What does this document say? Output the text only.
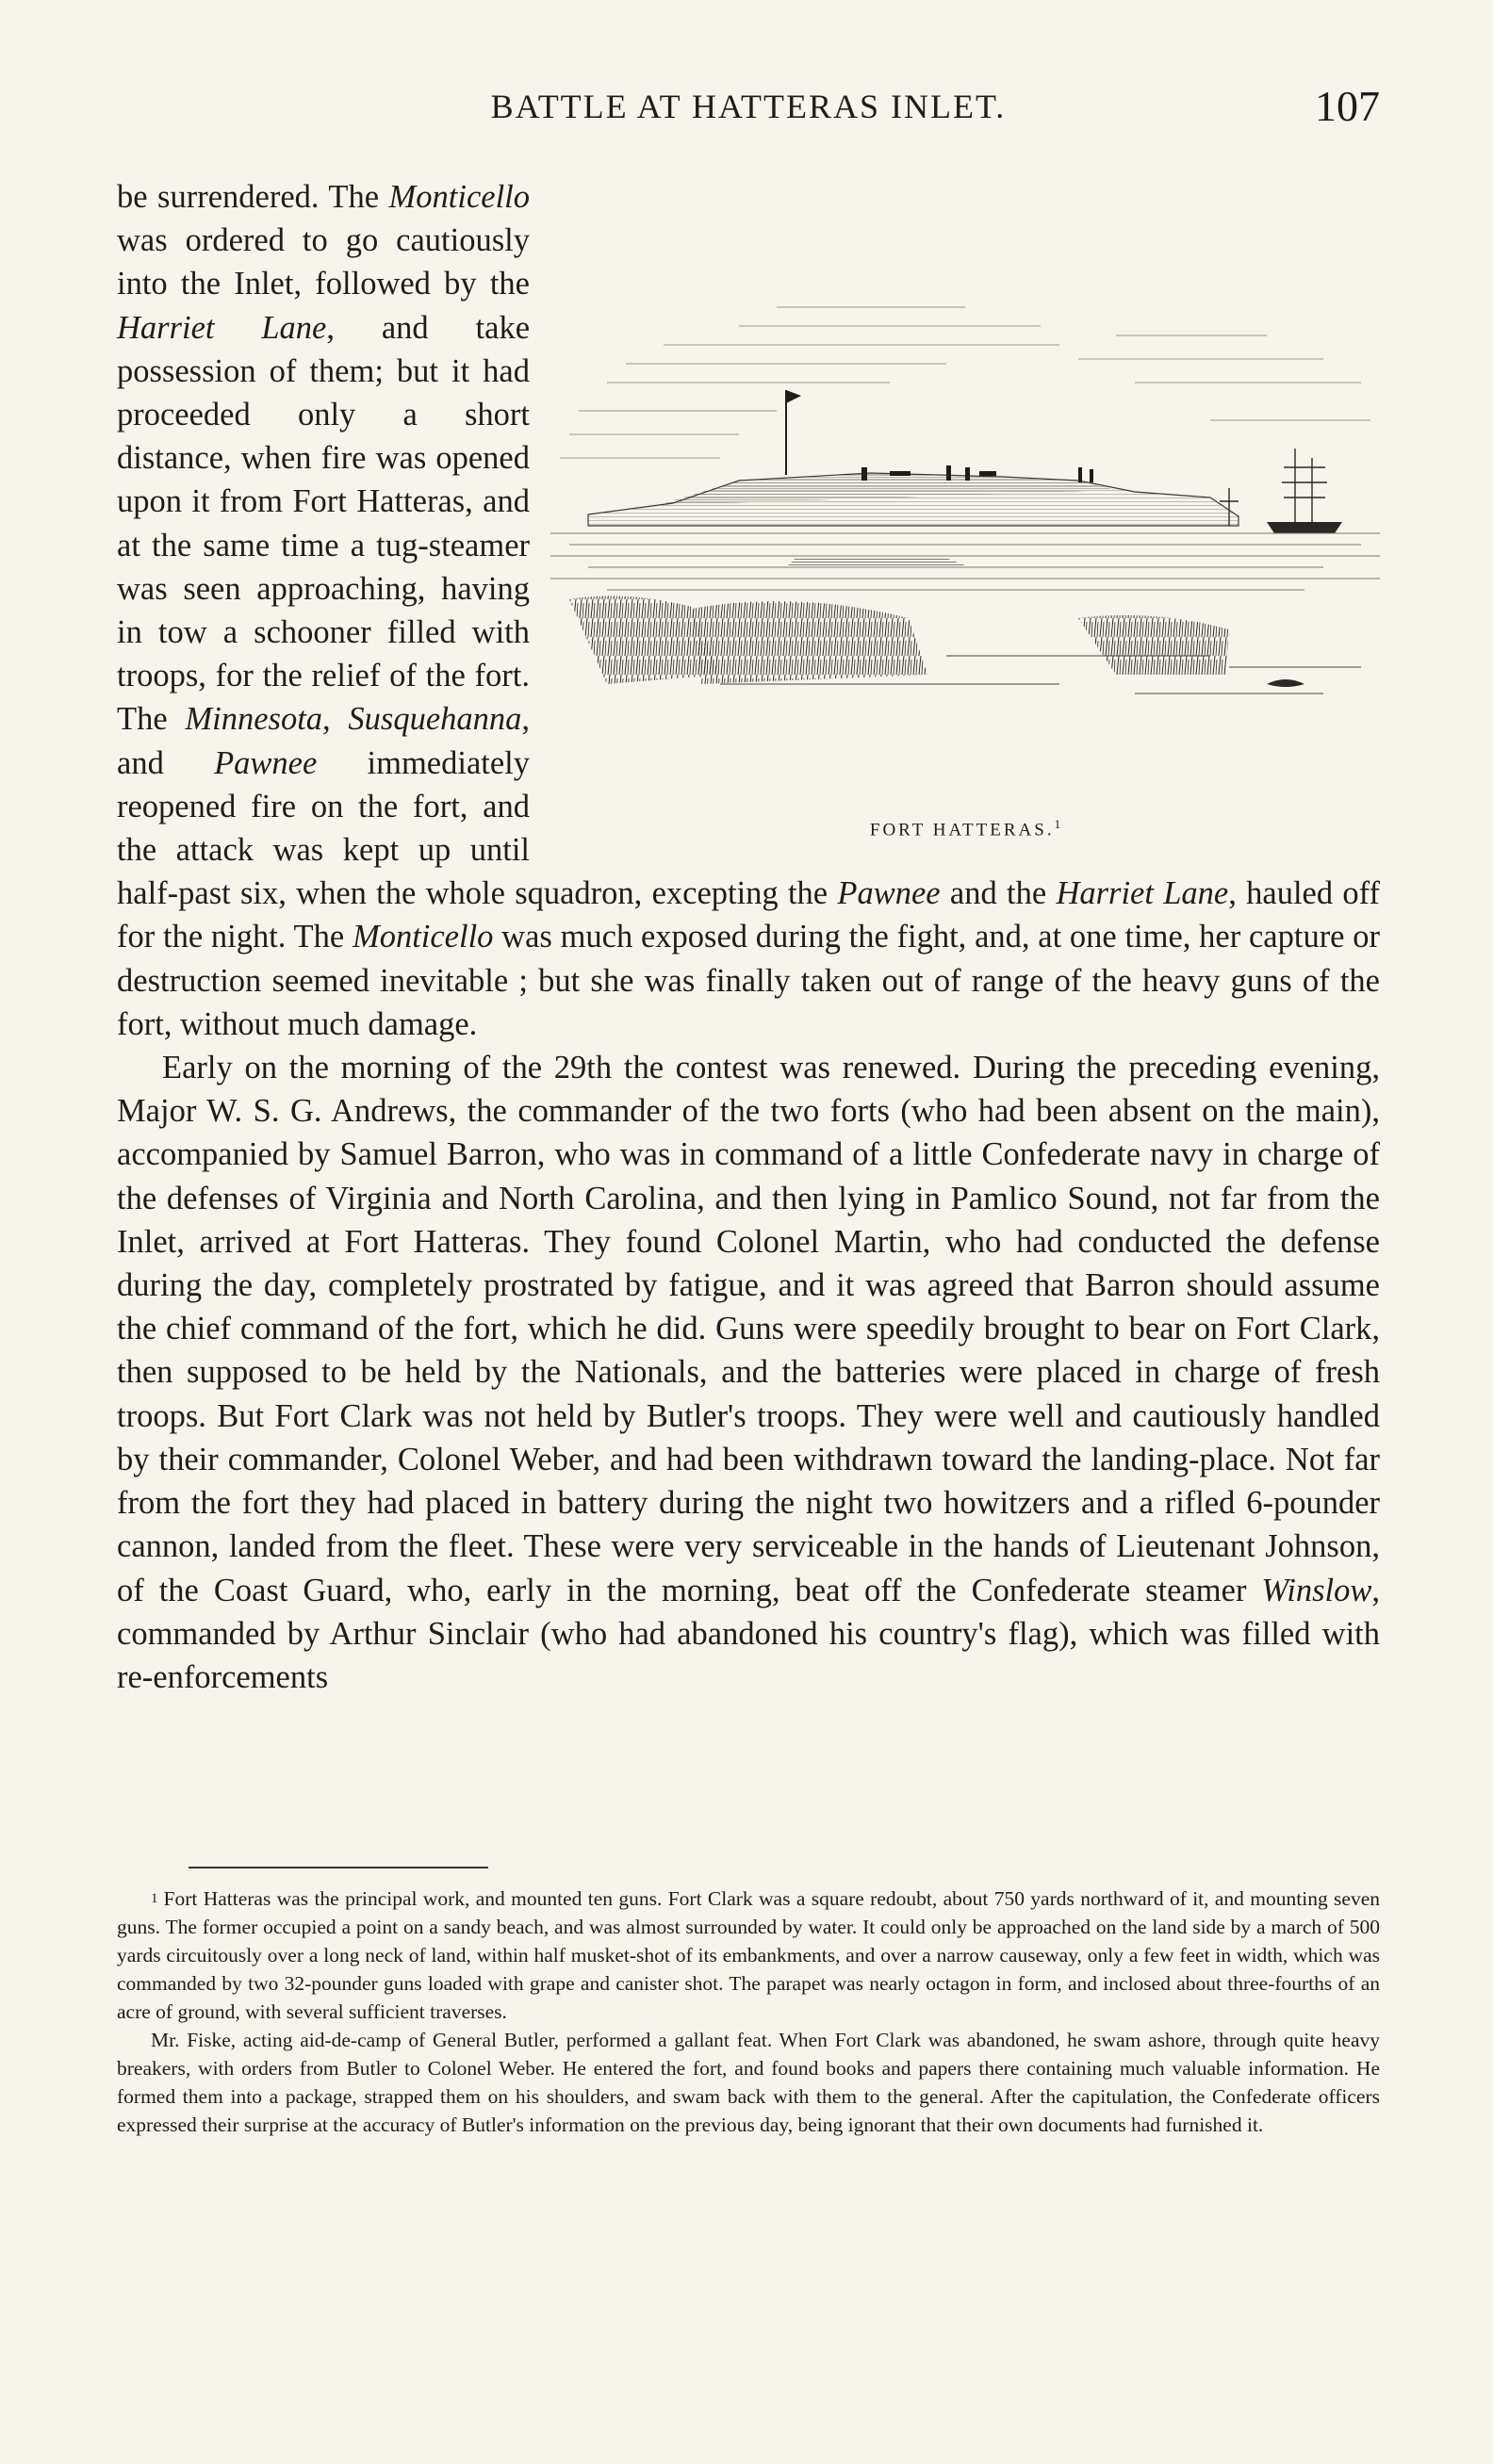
BATTLE AT HATTERAS INLET.	107
FORT HATTERAS.$^1$

be surrendered. The Monticello was ordered to go cautiously into the Inlet, followed by the Harriet Lane, and take possession of them; but it had proceeded only a short distance, when fire was opened upon it from Fort Hatteras, and at the same time a tug-steamer was seen approaching, having in tow a schooner filled with troops, for the relief of the fort. The Minnesota, Susquehanna, and Pawnee immediately reopened fire on the fort, and the attack was kept up until half-past six, when the whole squadron, excepting the Pawnee and the Harriet Lane, hauled off for the night. The Monticello was much exposed during the fight, and, at one time, her capture or destruction seemed inevitable ; but she was finally taken out of range of the heavy guns of the fort, without much damage.

Early on the morning of the 29th the contest was renewed. During the preceding evening, Major W. S. G. Andrews, the commander of the two forts (who had been absent on the main), accompanied by Samuel Barron, who was in command of a little Confederate navy in charge of the defenses of Virginia and North Carolina, and then lying in Pamlico Sound, not far from the Inlet, arrived at Fort Hatteras. They found Colonel Martin, who had conducted the defense during the day, completely prostrated by fatigue, and it was agreed that Barron should assume the chief command of the fort, which he did. Guns were speedily brought to bear on Fort Clark, then supposed to be held by the Nationals, and the batteries were placed in charge of fresh troops. But Fort Clark was not held by Butler's troops. They were well and cautiously handled by their commander, Colonel Weber, and had been withdrawn toward the landing-place. Not far from the fort they had placed in battery during the night two howitzers and a rifled 6-pounder cannon, landed from the fleet. These were very serviceable in the hands of Lieutenant Johnson, of the Coast Guard, who, early in the morning, beat off the Confederate steamer Winslow, commanded by Arthur Sinclair (who had abandoned his country's flag), which was filled with re-enforcements

1 Fort Hatteras was the principal work, and mounted ten guns. Fort Clark was a square redoubt, about 750 yards northward of it, and mounting seven guns. The former occupied a point on a sandy beach, and was almost surrounded by water. It could only be approached on the land side by a march of 500 yards circuitously over a long neck of land, within half musket-shot of its embankments, and over a narrow causeway, only a few feet in width, which was commanded by two 32-pounder guns loaded with grape and canister shot. The parapet was nearly octagon in form, and inclosed about three-fourths of an acre of ground, with several sufficient traverses.

Mr. Fiske, acting aid-de-camp of General Butler, performed a gallant feat. When Fort Clark was abandoned, he swam ashore, through quite heavy breakers, with orders from Butler to Colonel Weber. He entered the fort, and found books and papers there containing much valuable information. He formed them into a package, strapped them on his shoulders, and swam back with them to the general. After the capitulation, the Confederate officers expressed their surprise at the accuracy of Butler's information on the previous day, being ignorant that their own documents had furnished it.
